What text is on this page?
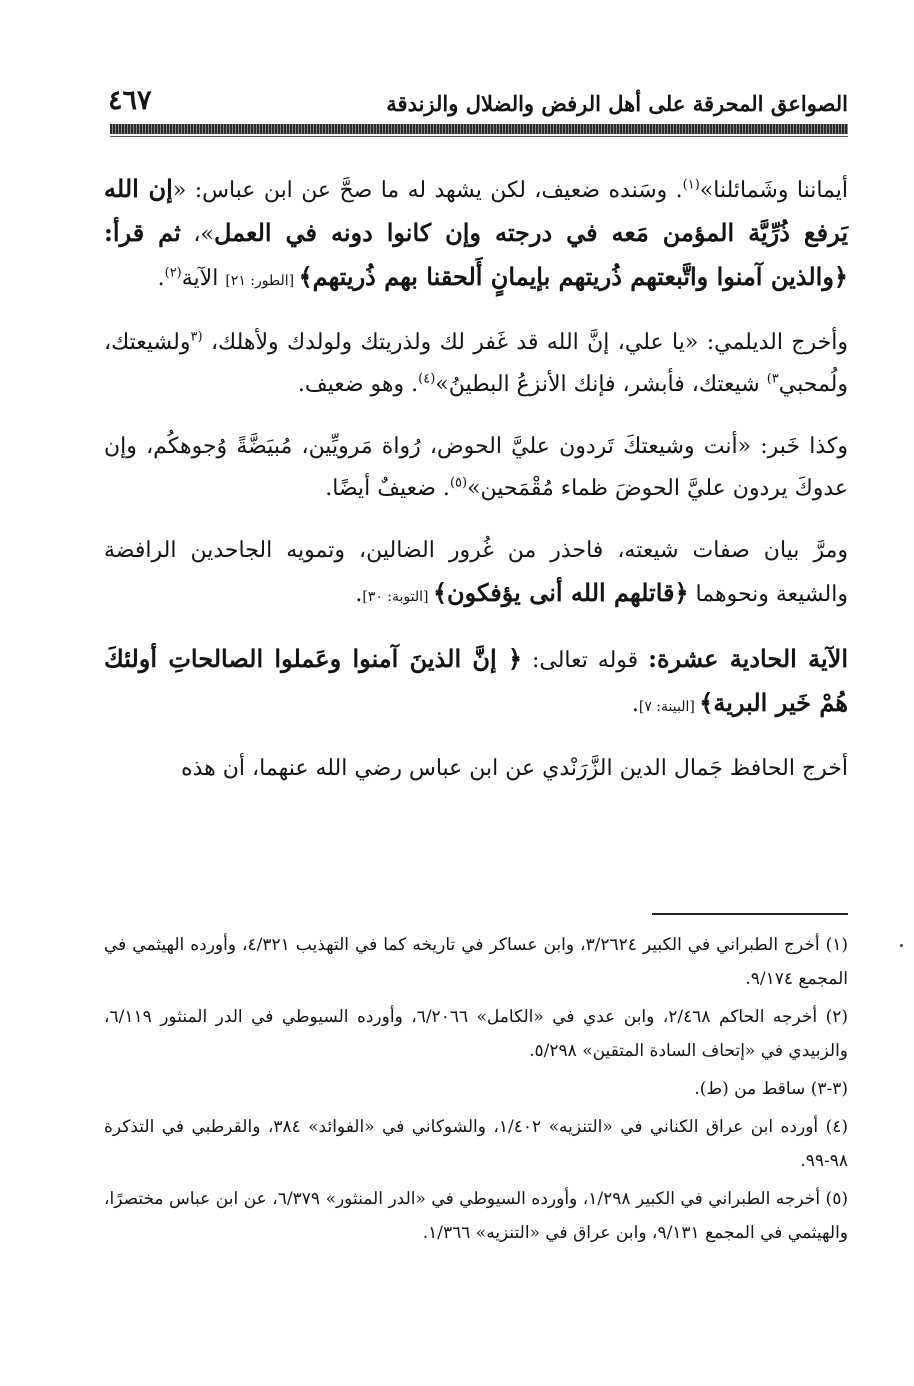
الصواعق المحرقة على أهل الرفض والضلال والزندقة
٤٦٧

أيماننا وشَمائلنا»$^{(١)}$. وسَنده ضعيف، لكن يشهد له ما صحَّ عن ابن عباس: «إن الله يَرفع ذُرِّيَّة المؤمن مَعه في درجته وإن كانوا دونه في العمل»، ثم قرأ: ﴿والذين آمنوا واتَّبعتهم ذُريتهم بإيمانٍ أَلحقنا بهم ذُريتهم﴾ [الطور: ٢١] الآية$^{(٢)}$.

وأخرج الديلمي: «يا علي، إنَّ الله قد غَفر لك ولذريتك ولولدك ولأهلك، $^{(٣}$ولشيعتك، ولُمحبي$^{٣)}$ شيعتك، فأبشر، فإنك الأنزعُ البطينُ»$^{(٤)}$. وهو ضعيف.

وكذا خَبر: «أنت وشيعتكَ تَردون عليَّ الحوض، رُواة مَرويِّين، مُبيَضَّةً وُجوهكُم، وإن عدوكَ يردون عليَّ الحوضَ ظماء مُقْمَحين»$^{(٥)}$. ضعيفٌ أيضًا.

ومرَّ بيان صفات شيعته، فاحذر من غُرور الضالين، وتمويه الجاحدين الرافضة والشيعة ونحوهما ﴿قاتلهم الله أنى يؤفكون﴾ [التوبة: ٣٠].

الآية الحادية عشرة: قوله تعالى: ﴿ إنَّ الذينَ آمنوا وعَملوا الصالحاتِ أولئكَ هُمْ خَير البرية﴾ [البينة: ٧].

أخرج الحافظ جَمال الدين الزَّرَنْدي عن ابن عباس رضي الله عنهما، أن هذه

(١) أخرج الطبراني في الكبير ٣/٢٦٢٤، وابن عساكر في تاريخه كما في التهذيب ٤/٣٢١، وأورده الهيثمي في المجمع ٩/١٧٤.

(٢) أخرجه الحاكم ٢/٤٦٨، وابن عدي في «الكامل» ٦/٢٠٦٦، وأورده السيوطي في الدر المنثور ٦/١١٩، والزبيدي في «إتحاف السادة المتقين» ٥/٢٩٨.

(٣-٣) ساقط من (ط).

(٤) أورده ابن عراق الكناني في «التنزيه» ١/٤٠٢، والشوكاني في «الفوائد» ٣٨٤، والقرطبي في التذكرة ٩٨-٩٩.

(٥) أخرجه الطبراني في الكبير ١/٢٩٨، وأورده السيوطي في «الدر المنثور» ٦/٣٧٩، عن ابن عباس مختصرًا، والهيثمي في المجمع ٩/١٣١، وابن عراق في «التنزيه» ١/٣٦٦.
